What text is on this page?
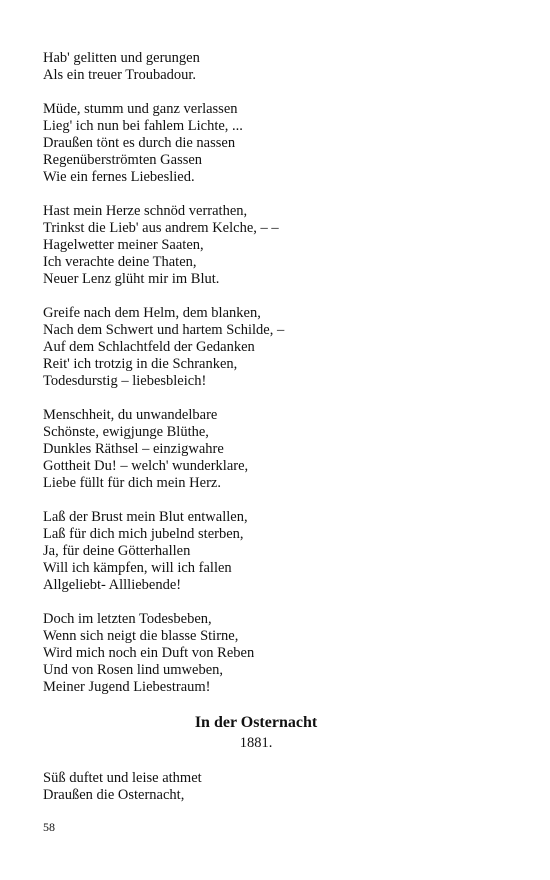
Hab' gelitten und gerungen
Als ein treuer Troubadour.
Müde, stumm und ganz verlassen
Lieg' ich nun bei fahlem Lichte, ...
Draußen tönt es durch die nassen
Regenüberströmten Gassen
Wie ein fernes Liebeslied.
Hast mein Herze schnöd verrathen,
Trinkst die Lieb' aus andrem Kelche, – –
Hagelwetter meiner Saaten,
Ich verachte deine Thaten,
Neuer Lenz glüht mir im Blut.
Greife nach dem Helm, dem blanken,
Nach dem Schwert und hartem Schilde, –
Auf dem Schlachtfeld der Gedanken
Reit' ich trotzig in die Schranken,
Todesdurstig – liebesbleich!
Menschheit, du unwandelbare
Schönste, ewigjunge Blüthe,
Dunkles Räthsel – einzigwahre
Gottheit Du! – welch' wunderklare,
Liebe füllt für dich mein Herz.
Laß der Brust mein Blut entwallen,
Laß für dich mich jubelnd sterben,
Ja, für deine Götterhallen
Will ich kämpfen, will ich fallen
Allgeliebt- Allliebende!
Doch im letzten Todesbeben,
Wenn sich neigt die blasse Stirne,
Wird mich noch ein Duft von Reben
Und von Rosen lind umweben,
Meiner Jugend Liebestraum!
In der Osternacht
1881.
Süß duftet und leise athmet
Draußen die Osternacht,
58
